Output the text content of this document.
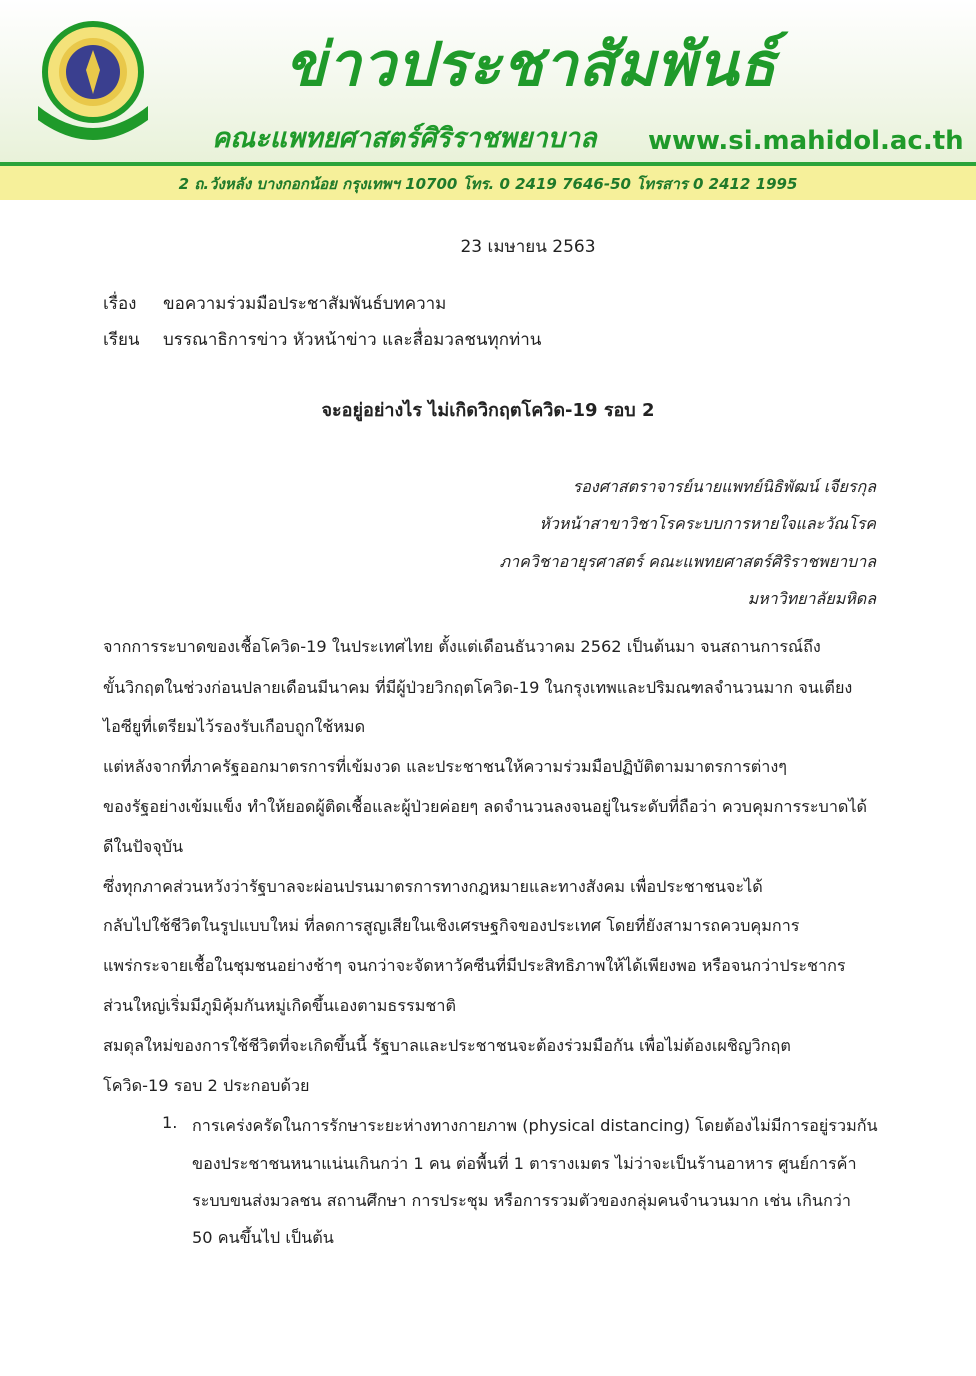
ข่าวประชาสัมพันธ์
คณะแพทยศาสตร์ศิริราชพยาบาล www.si.mahidol.ac.th
2 ถ.วังหลัง บางกอกน้อย กรุงเทพฯ 10700 โทร. 0 2419 7646-50 โทรสาร 0 2412 1995
23 เมษายน 2563
เรื่อง ขอความร่วมมือประชาสัมพันธ์บทความ
เรียน บรรณาธิการข่าว หัวหน้าข่าว และสื่อมวลชนทุกท่าน
จะอยู่อย่างไร ไม่เกิดวิกฤตโควิด-19 รอบ 2
รองศาสตราจารย์นายแพทย์นิธิพัฒน์ เจียรกุล
หัวหน้าสาขาวิชาโรคระบบการหายใจและวัณโรค
ภาควิชาอายุรศาสตร์ คณะแพทยศาสตร์ศิริราชพยาบาล
มหาวิทยาลัยมหิดล
จากการระบาดของเชื้อโควิด-19 ในประเทศไทย ตั้งแต่เดือนธันวาคม 2562 เป็นต้นมา จนสถานการณ์ถึง
ขั้นวิกฤตในช่วงก่อนปลายเดือนมีนาคม ที่มีผู้ป่วยวิกฤตโควิด-19 ในกรุงเทพและปริมณฑลจำนวนมาก จนเตียง
ไอซียูที่เตรียมไว้รองรับเกือบถูกใช้หมด
แต่หลังจากที่ภาครัฐออกมาตรการที่เข้มงวด และประชาชนให้ความร่วมมือปฏิบัติตามมาตรการต่างๆ
ของรัฐอย่างเข้มแข็ง ทำให้ยอดผู้ติดเชื้อและผู้ป่วยค่อยๆ ลดจำนวนลงจนอยู่ในระดับที่ถือว่า ควบคุมการระบาดได้
ดีในปัจจุบัน
ซึ่งทุกภาคส่วนหวังว่ารัฐบาลจะผ่อนปรนมาตรการทางกฎหมายและทางสังคม เพื่อประชาชนจะได้
กลับไปใช้ชีวิตในรูปแบบใหม่ ที่ลดการสูญเสียในเชิงเศรษฐกิจของประเทศ โดยที่ยังสามารถควบคุมการ
แพร่กระจายเชื้อในชุมชนอย่างช้าๆ จนกว่าจะจัดหาวัคซีนที่มีประสิทธิภาพให้ได้เพียงพอ หรือจนกว่าประชากร
ส่วนใหญ่เริ่มมีภูมิคุ้มกันหมู่เกิดขึ้นเองตามธรรมชาติ
สมดุลใหม่ของการใช้ชีวิตที่จะเกิดขึ้นนี้ รัฐบาลและประชาชนจะต้องร่วมมือกัน เพื่อไม่ต้องเผชิญวิกฤต
โควิด-19 รอบ 2 ประกอบด้วย
1. การเคร่งครัดในการรักษาระยะห่างทางกายภาพ (physical distancing) โดยต้องไม่มีการอยู่รวมกัน
ของประชาชนหนาแน่นเกินกว่า 1 คน ต่อพื้นที่ 1 ตารางเมตร ไม่ว่าจะเป็นร้านอาหาร ศูนย์การค้า
ระบบขนส่งมวลชน สถานศึกษา การประชุม หรือการรวมตัวของกลุ่มคนจำนวนมาก เช่น เกินกว่า
50 คนขึ้นไป เป็นต้น
